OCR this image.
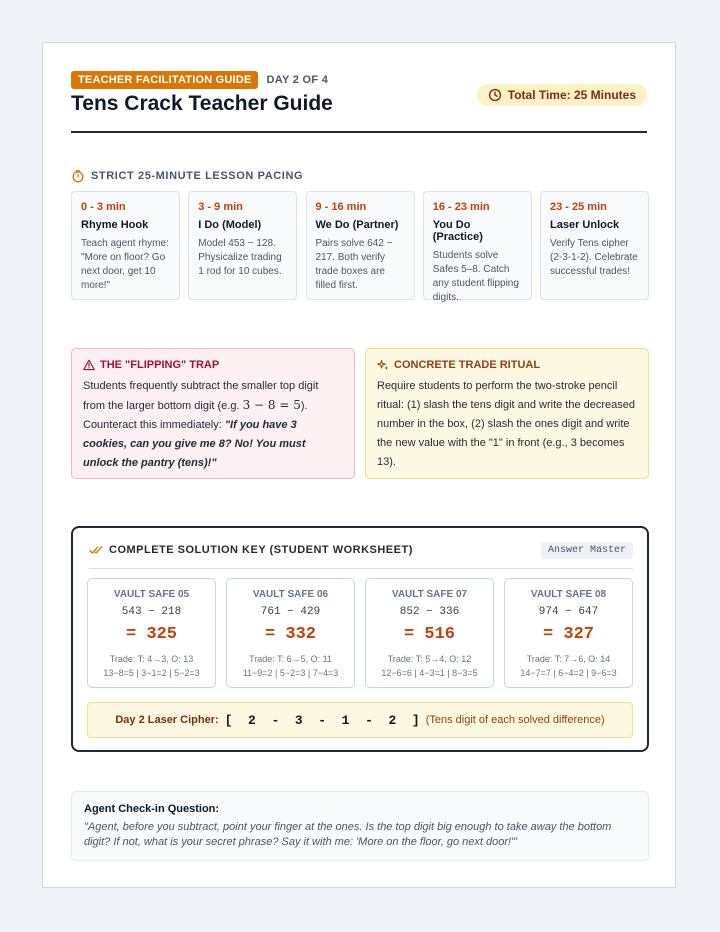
TEACHER FACILITATION GUIDE	DAY 2 OF 4
Tens Crack Teacher Guide	Total Time: 25 Minutes
STRICT 25-MINUTE LESSON PACING
0 - 3 min
Rhyme Hook
Teach agent rhyme: "More on floor? Go next door, get 10 more!"
3 - 9 min
I Do (Model)
Model 453 − 128. Physicalize trading 1 rod for 10 cubes.
9 - 16 min
We Do (Partner)
Pairs solve 642 − 217. Both verify trade boxes are filled first.
16 - 23 min
You Do (Practice)
Students solve Safes 5–8. Catch any student flipping digits.
23 - 25 min
Laser Unlock
Verify Tens cipher (2-3-1-2). Celebrate successful trades!
THE "FLIPPING" TRAP
Students frequently subtract the smaller top digit from the larger bottom digit (e.g. 3 − 8 = 5). Counteract this immediately: "If you have 3 cookies, can you give me 8? No! You must unlock the pantry (tens)!"
CONCRETE TRADE RITUAL
Require students to perform the two-stroke pencil ritual: (1) slash the tens digit and write the decreased number in the box, (2) slash the ones digit and write the new value with the "1" in front (e.g., 3 becomes 13).
COMPLETE SOLUTION KEY (STUDENT WORKSHEET)	Answer Master
VAULT SAFE 05
543 − 218
= 325
Trade: T: 4→3, O: 13
13−8=5 | 3−1=2 | 5−2=3
VAULT SAFE 06
761 − 429
= 332
Trade: T: 6→5, O: 11
11−9=2 | 5−2=3 | 7−4=3
VAULT SAFE 07
852 − 336
= 516
Trade: T: 5→4, O: 12
12−6=6 | 4−3=1 | 8−3=5
VAULT SAFE 08
974 − 647
= 327
Trade: T: 7→6, O: 14
14−7=7 | 6−4=2 | 9−6=3
Day 2 Laser Cipher: [  2  -  3  -  1  -  2  ] (Tens digit of each solved difference)
Agent Check-in Question:
"Agent, before you subtract, point your finger at the ones. Is the top digit big enough to take away the bottom digit? If not, what is your secret phrase? Say it with me: 'More on the floor, go next door!'"
